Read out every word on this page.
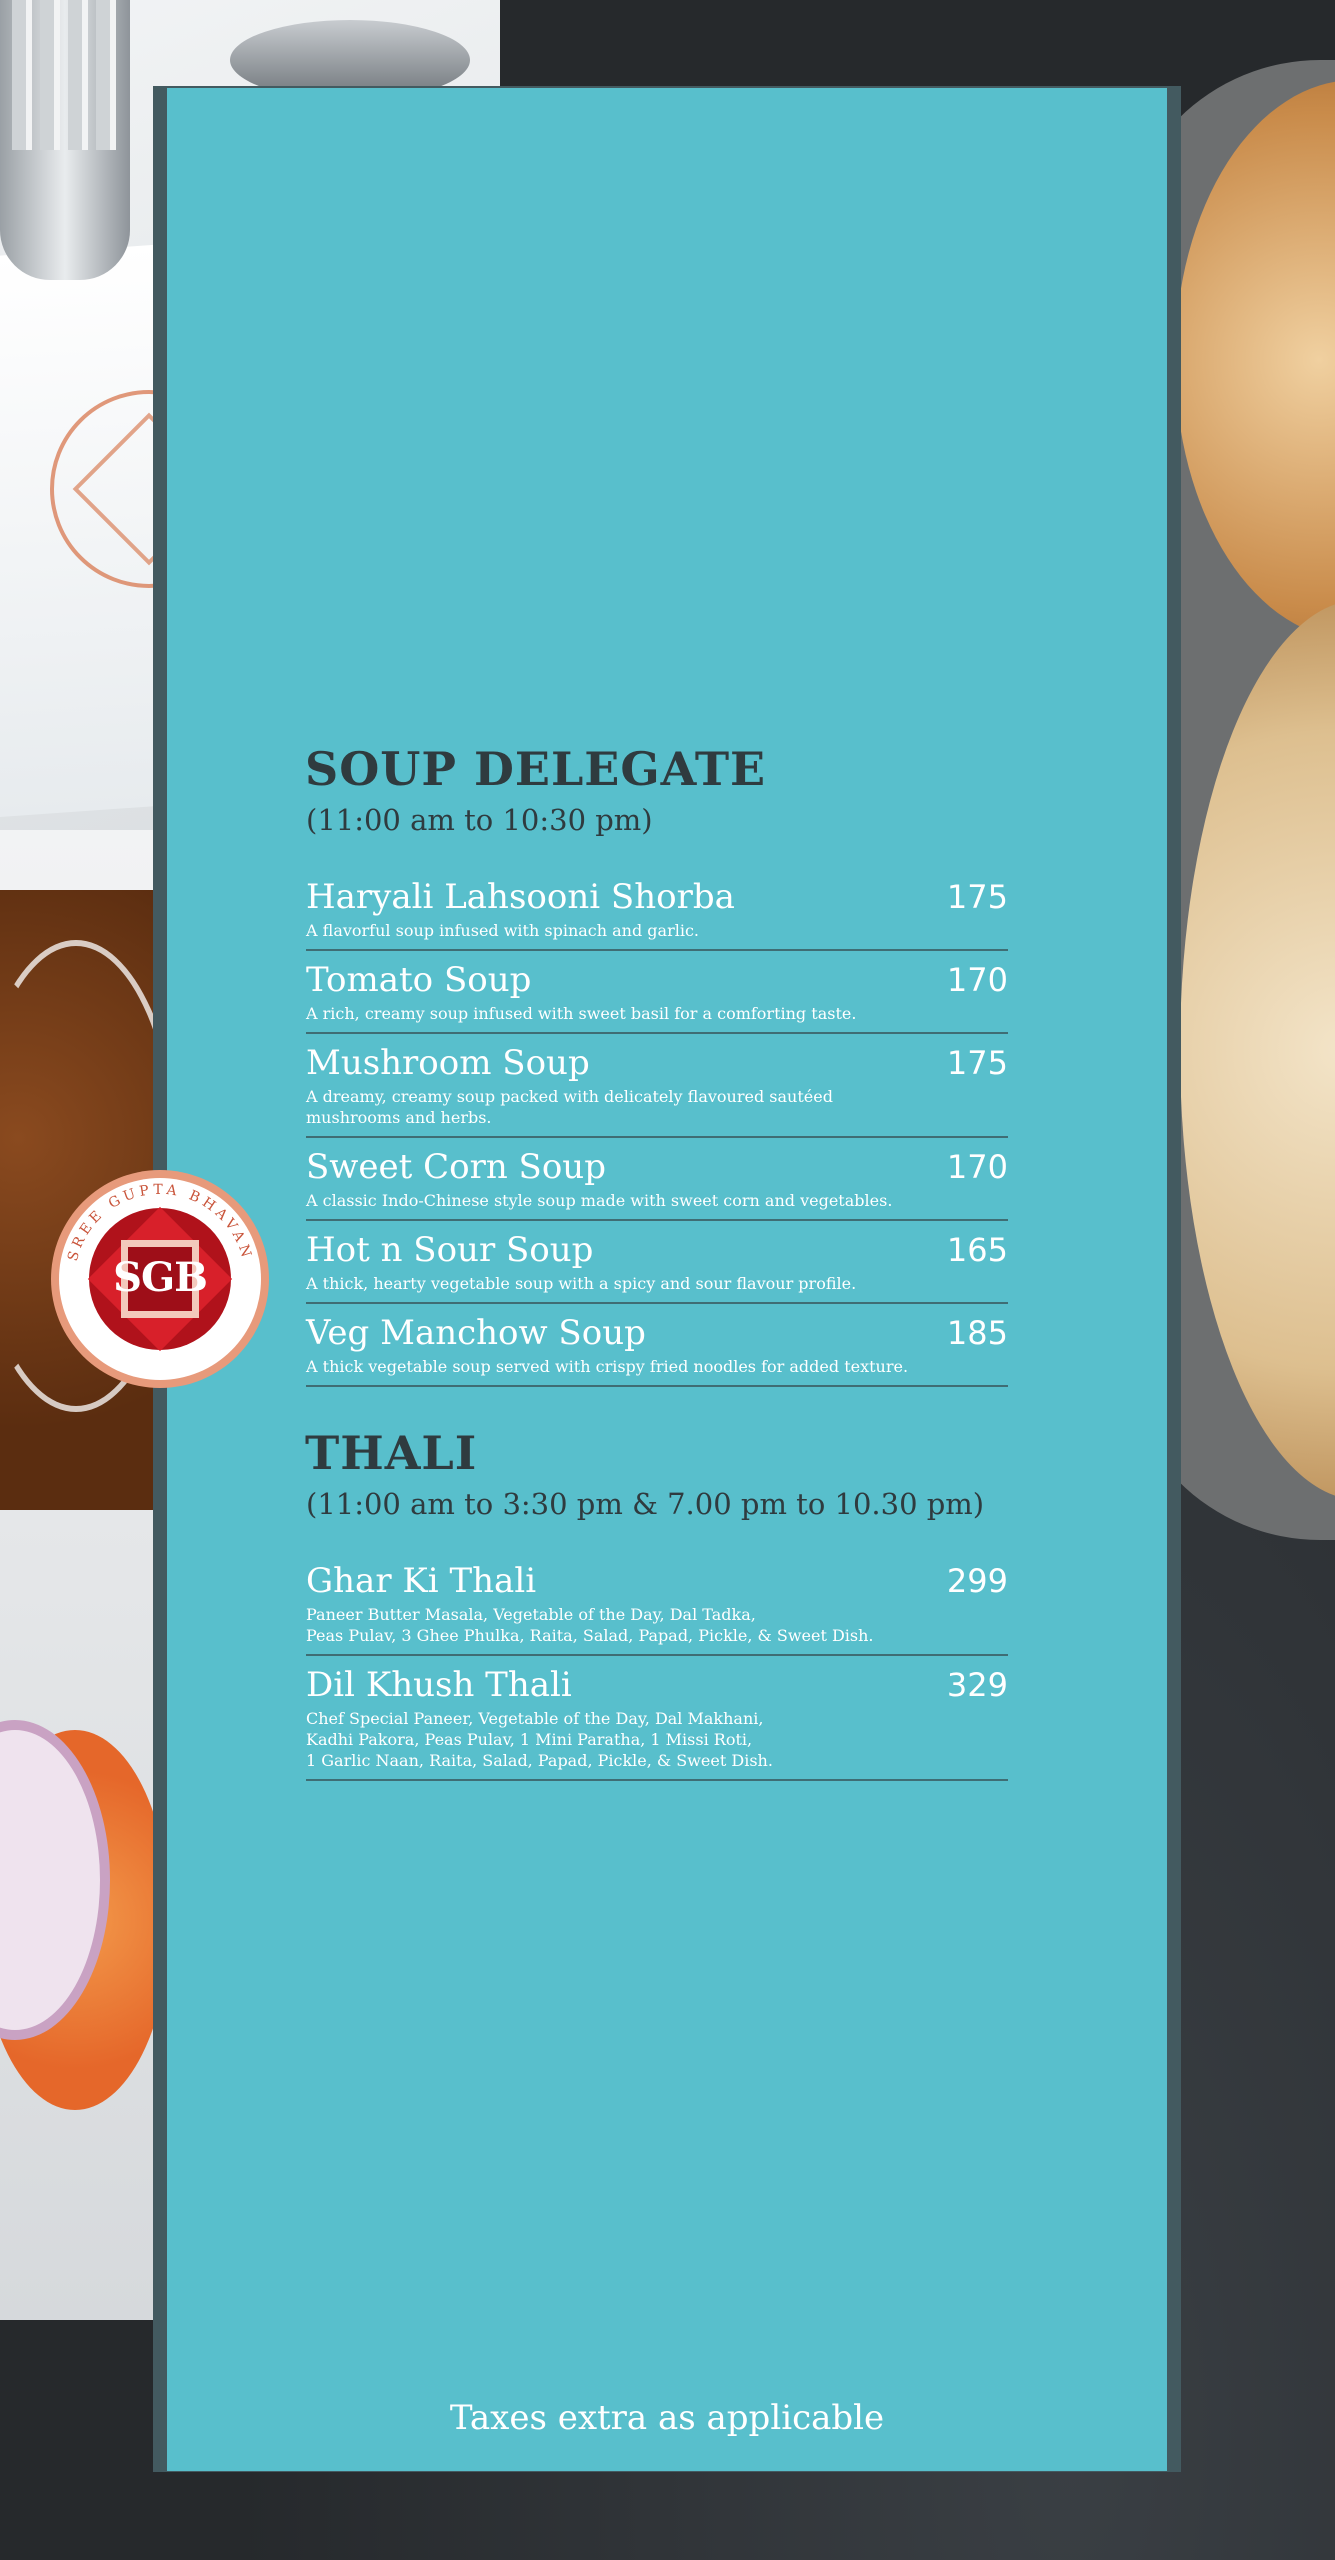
SOUP DELEGATE

(11:00 am to 10:30 pm)

Haryali Lahsooni Shorba	175
A flavorful soup infused with spinach and garlic.
Tomato Soup	170
A rich, creamy soup infused with sweet basil for a comforting taste.
Mushroom Soup	175
A dreamy, creamy soup packed with delicately flavoured sautéed
mushrooms and herbs.
Sweet Corn Soup	170
A classic Indo-Chinese style soup made with sweet corn and vegetables.
Hot n Sour Soup	165
A thick, hearty vegetable soup with a spicy and sour flavour profile.
Veg Manchow Soup	185
A thick vegetable soup served with crispy fried noodles for added texture.
THALI

(11:00 am to 3:30 pm & 7.00 pm to 10.30 pm)

Ghar Ki Thali	299
Paneer Butter Masala, Vegetable of the Day, Dal Tadka,
Peas Pulav, 3 Ghee Phulka, Raita, Salad, Papad, Pickle, & Sweet Dish.
Dil Khush Thali	329
Chef Special Paneer, Vegetable of the Day, Dal Makhani,
Kadhi Pakora, Peas Pulav, 1 Mini Paratha, 1 Missi Roti,
1 Garlic Naan, Raita, Salad, Papad, Pickle, & Sweet Dish.
Taxes extra as applicable
SREE GUPTA BHAVAN
SGB
